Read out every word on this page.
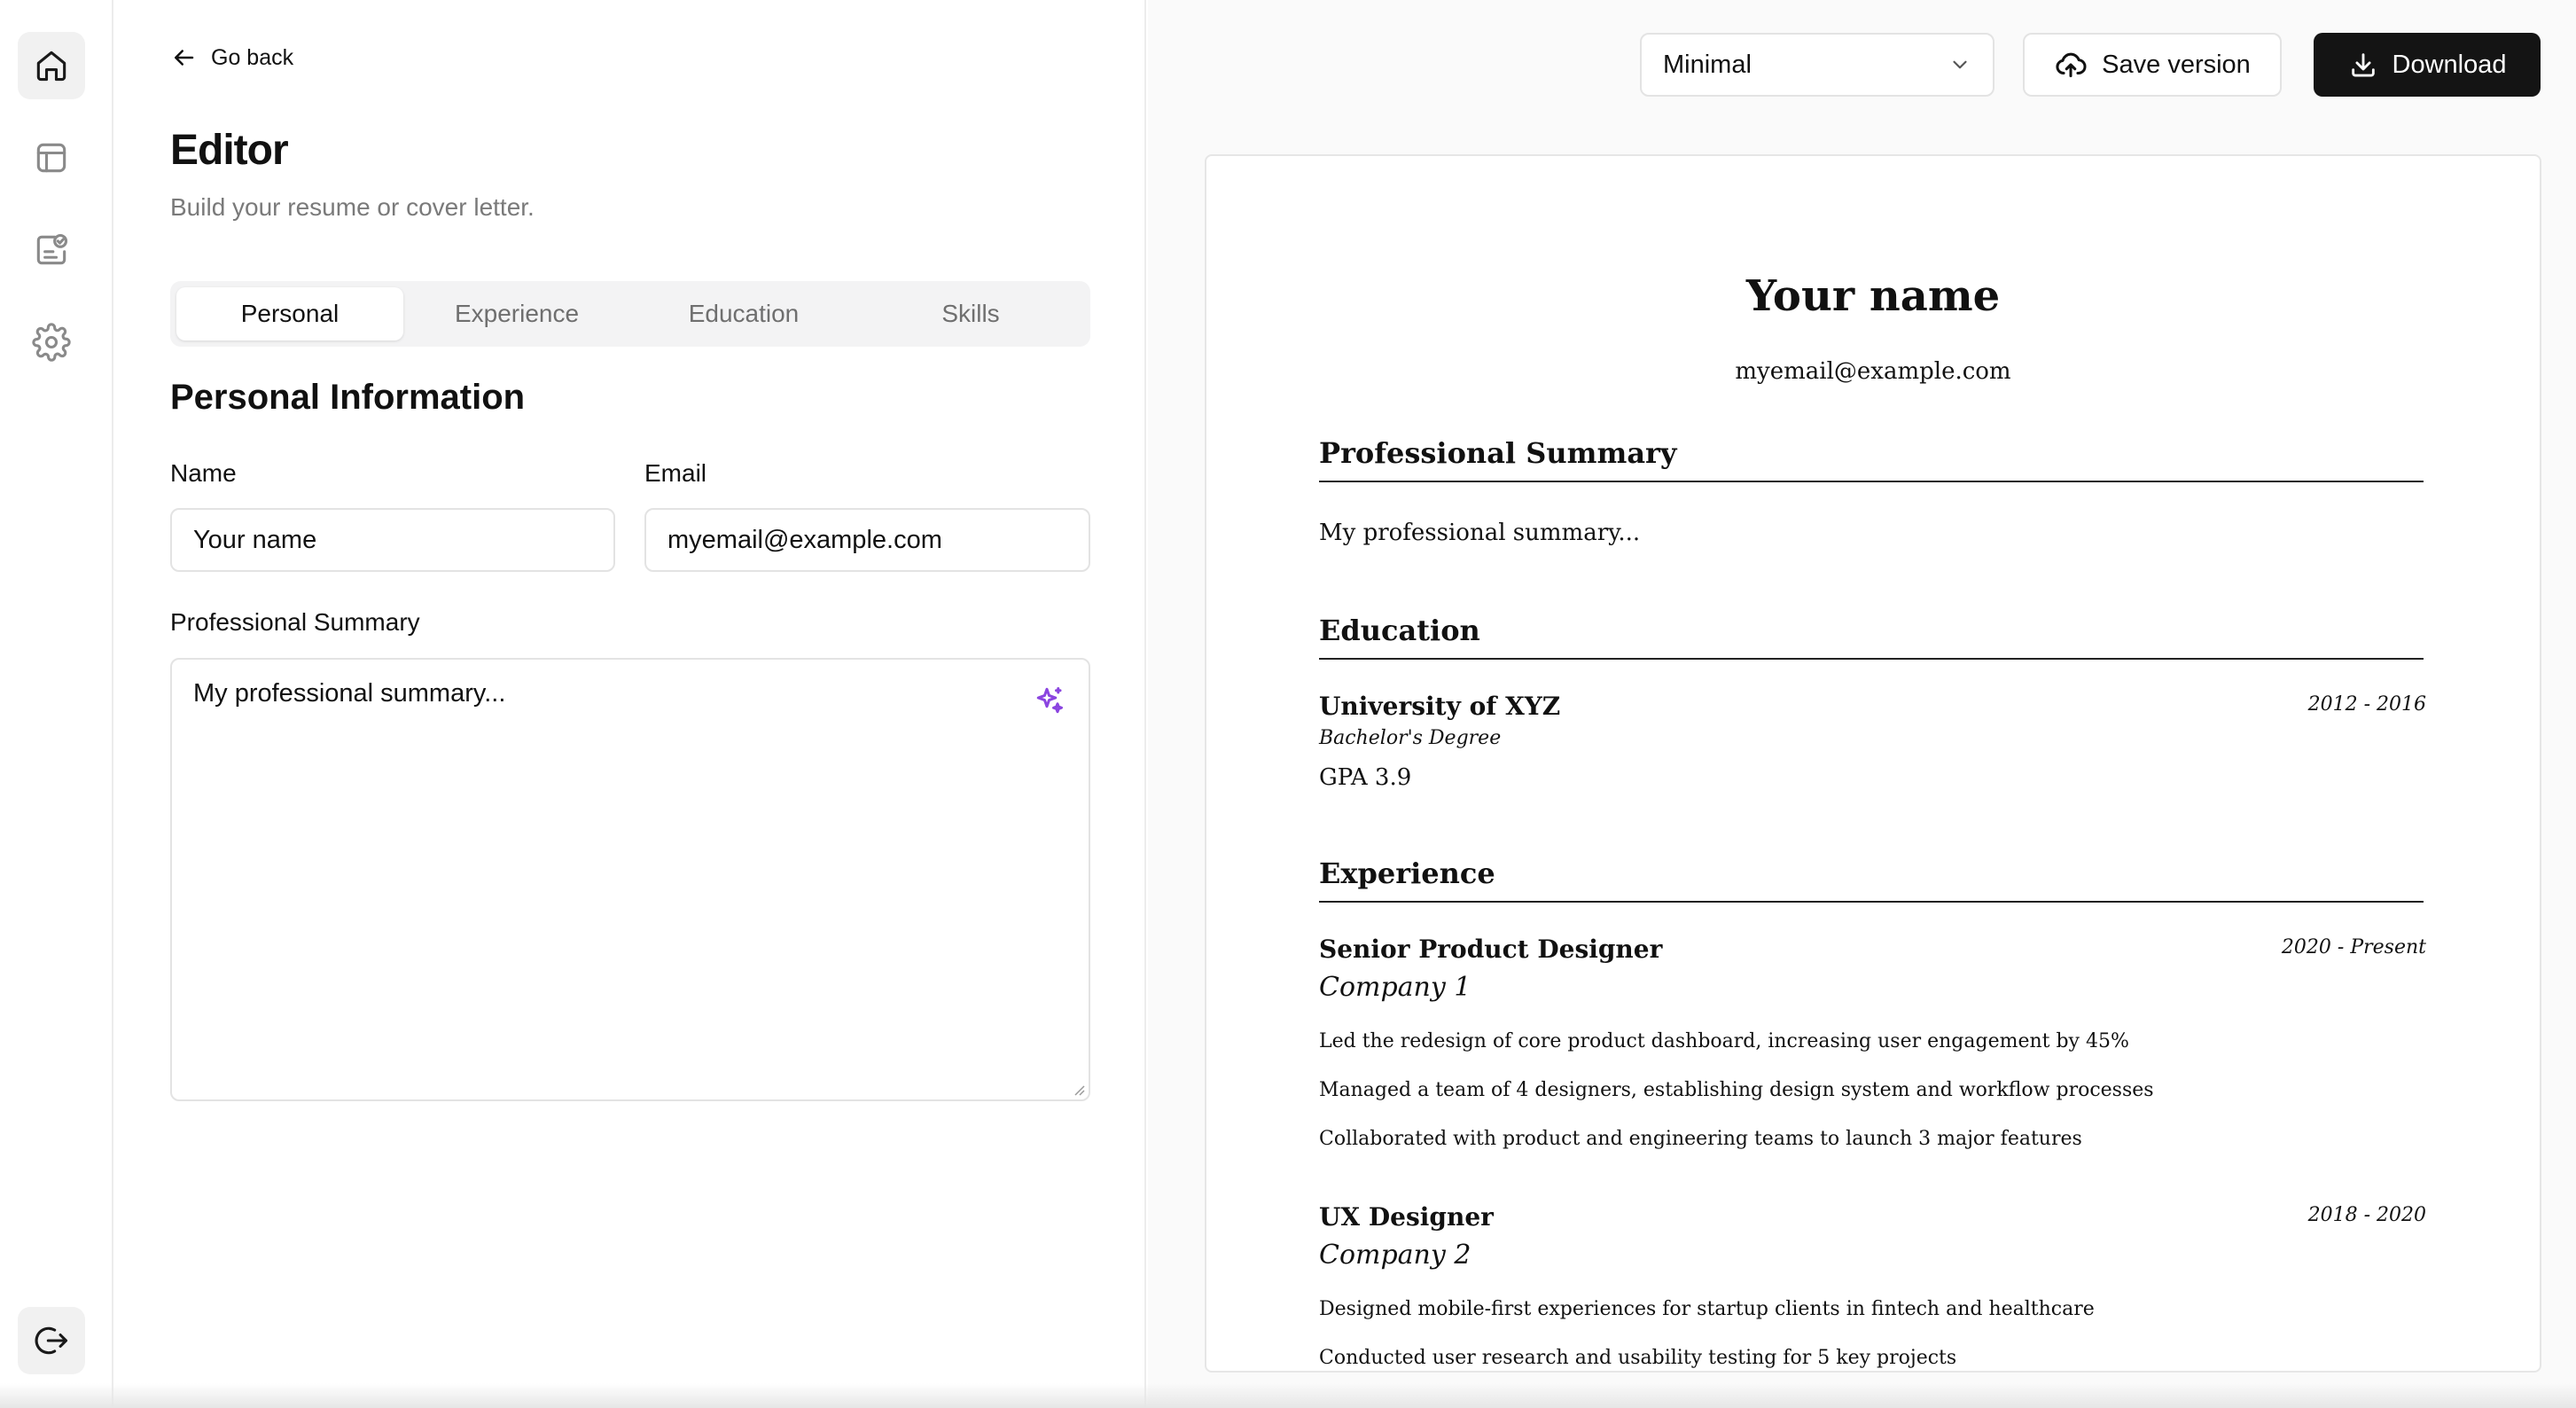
Go back
Editor

Build your resume or cover letter.

Personal	Experience	Education	Skills
Personal Information
Name
Your name
Email
myemail@example.com
Professional Summary
My professional summary...
Minimal	Save version	Download
Your name
myemail@example.com
Professional Summary
My professional summary...
Education
University of XYZ	2012 - 2016
Bachelor's Degree
GPA 3.9
Experience
Senior Product Designer	2020 - Present
Company 1
Led the redesign of core product dashboard, increasing user engagement by 45%
Managed a team of 4 designers, establishing design system and workflow processes
Collaborated with product and engineering teams to launch 3 major features
UX Designer	2018 - 2020
Company 2
Designed mobile-first experiences for startup clients in fintech and healthcare
Conducted user research and usability testing for 5 key projects
